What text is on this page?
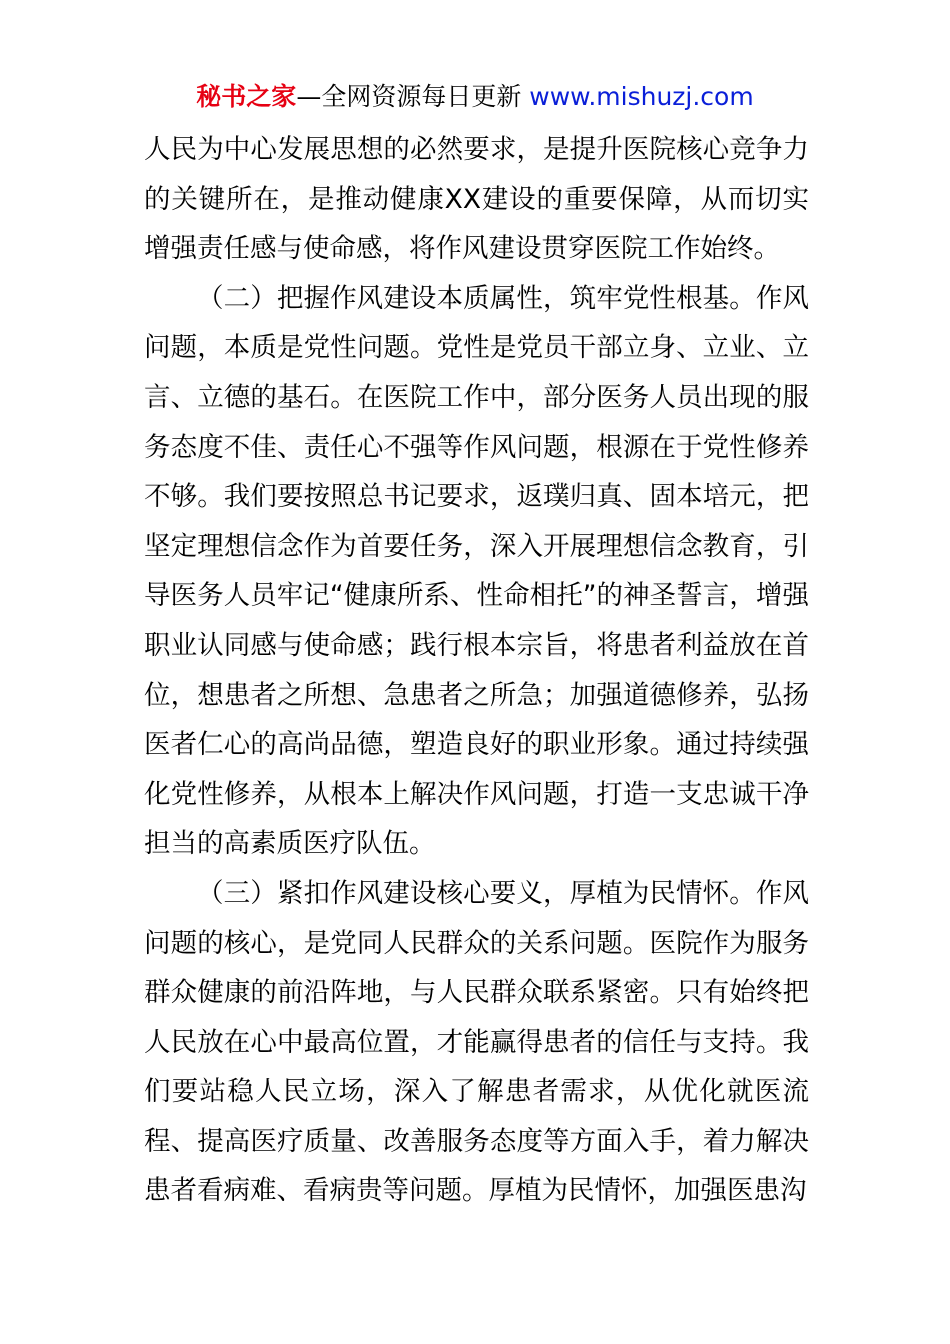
秘书之家—全网资源每日更新 www.mishuzj.com

人民为中心发展思想的必然要求，是提升医院核心竞争力的关键所在，是推动健康XX建设的重要保障，从而切实增强责任感与使命感，将作风建设贯穿医院工作始终。

（二）把握作风建设本质属性，筑牢党性根基。作风问题，本质是党性问题。党性是党员干部立身、立业、立言、立德的基石。在医院工作中，部分医务人员出现的服务态度不佳、责任心不强等作风问题，根源在于党性修养不够。我们要按照总书记要求，返璞归真、固本培元，把坚定理想信念作为首要任务，深入开展理想信念教育，引导医务人员牢记“健康所系、性命相托”的神圣誓言，增强职业认同感与使命感；践行根本宗旨，将患者利益放在首位，想患者之所想、急患者之所急；加强道德修养，弘扬医者仁心的高尚品德，塑造良好的职业形象。通过持续强化党性修养，从根本上解决作风问题，打造一支忠诚干净担当的高素质医疗队伍。

（三）紧扣作风建设核心要义，厚植为民情怀。作风问题的核心，是党同人民群众的关系问题。医院作为服务群众健康的前沿阵地，与人民群众联系紧密。只有始终把人民放在心中最高位置，才能赢得患者的信任与支持。我们要站稳人民立场，深入了解患者需求，从优化就医流程、提高医疗质量、改善服务态度等方面入手，着力解决患者看病难、看病贵等问题。厚植为民情怀，加强医患沟
